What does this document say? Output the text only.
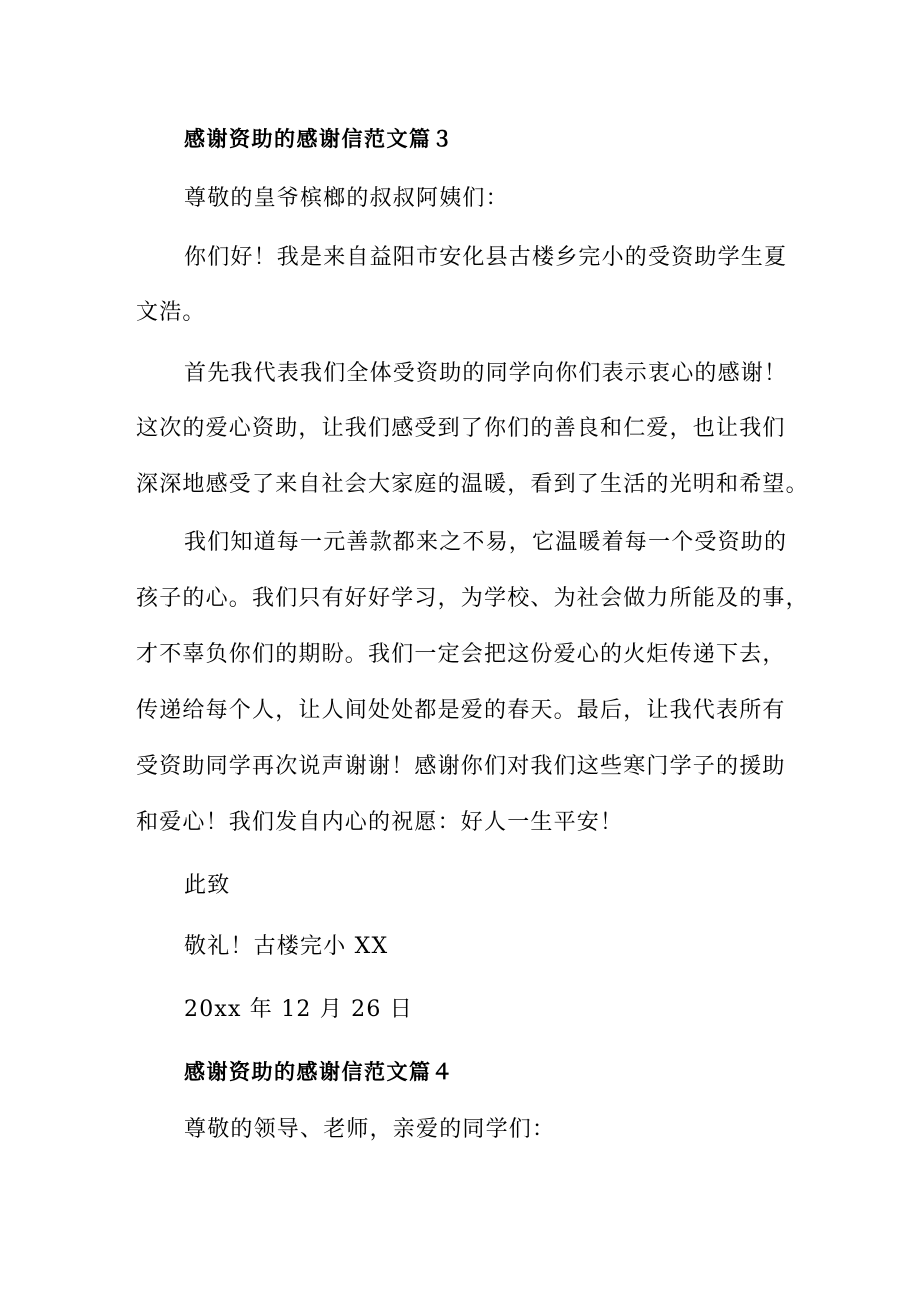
感谢资助的感谢信范文篇３
尊敬的皇爷槟榔的叔叔阿姨们：
你们好！我是来自益阳市安化县古楼乡完小的受资助学生夏
文浩。
首先我代表我们全体受资助的同学向你们表示衷心的感谢！
这次的爱心资助，让我们感受到了你们的善良和仁爱，也让我们
深深地感受了来自社会大家庭的温暖，看到了生活的光明和希望。
我们知道每一元善款都来之不易，它温暖着每一个受资助的
孩子的心。我们只有好好学习，为学校、为社会做力所能及的事，
才不辜负你们的期盼。我们一定会把这份爱心的火炬传递下去，
传递给每个人，让人间处处都是爱的春天。最后，让我代表所有
受资助同学再次说声谢谢！感谢你们对我们这些寒门学子的援助
和爱心！我们发自内心的祝愿：好人一生平安！
此致
敬礼！古楼完小 XX
20xx 年 12 月 26 日
感谢资助的感谢信范文篇４
尊敬的领导、老师，亲爱的同学们：
